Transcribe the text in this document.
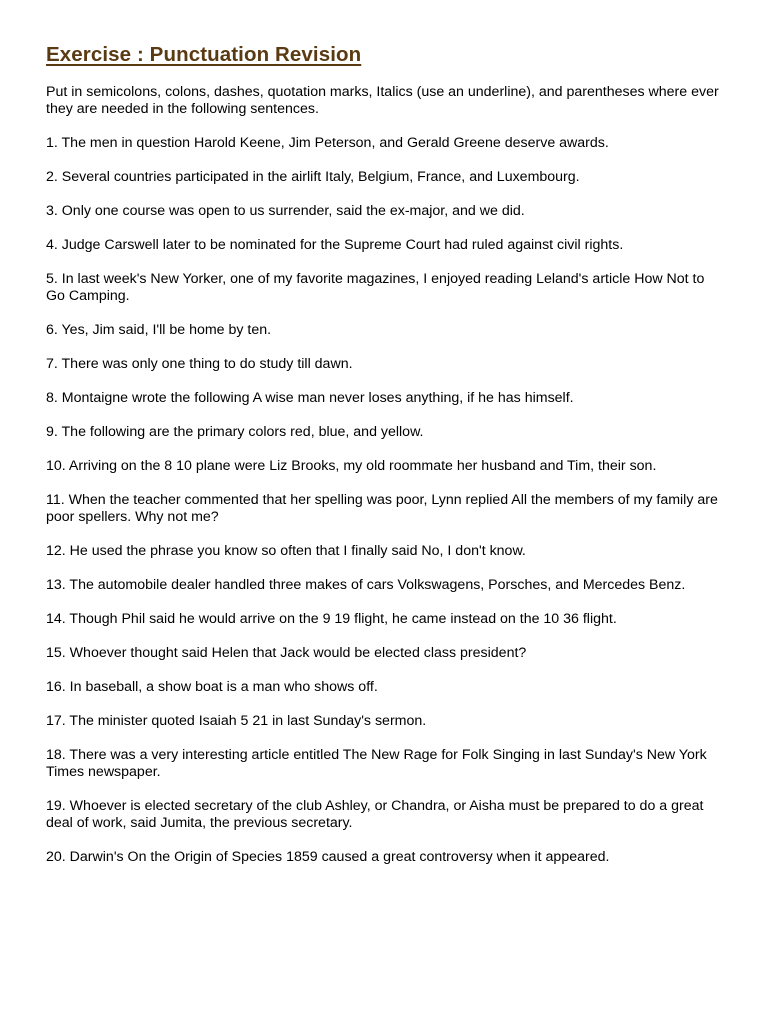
Exercise : Punctuation Revision

Put in semicolons, colons, dashes, quotation marks, Italics (use an underline), and parentheses where ever they are needed in the following sentences.

1. The men in question Harold Keene, Jim Peterson, and Gerald Greene deserve awards.
2. Several countries participated in the airlift Italy, Belgium, France, and Luxembourg.
3. Only one course was open to us surrender, said the ex-major, and we did.
4. Judge Carswell later to be nominated for the Supreme Court had ruled against civil rights.
5. In last week's New Yorker, one of my favorite magazines, I enjoyed reading Leland's article How Not to Go Camping.
6. Yes, Jim said, I'll be home by ten.
7. There was only one thing to do study till dawn.
8. Montaigne wrote the following A wise man never loses anything, if he has himself.
9. The following are the primary colors red, blue, and yellow.
10. Arriving on the 8 10 plane were Liz Brooks, my old roommate her husband and Tim, their son.
11. When the teacher commented that her spelling was poor, Lynn replied All the members of my family are poor spellers. Why not me?
12. He used the phrase you know so often that I finally said No, I don't know.
13. The automobile dealer handled three makes of cars Volkswagens, Porsches, and Mercedes Benz.
14. Though Phil said he would arrive on the 9 19 flight, he came instead on the 10 36 flight.
15. Whoever thought said Helen that Jack would be elected class president?
16. In baseball, a show boat is a man who shows off.
17. The minister quoted Isaiah 5 21 in last Sunday's sermon.
18. There was a very interesting article entitled The New Rage for Folk Singing in last Sunday's New York Times newspaper.
19. Whoever is elected secretary of the club Ashley, or Chandra, or Aisha must be prepared to do a great deal of work, said Jumita, the previous secretary.
20. Darwin's On the Origin of Species 1859 caused a great controversy when it appeared.
